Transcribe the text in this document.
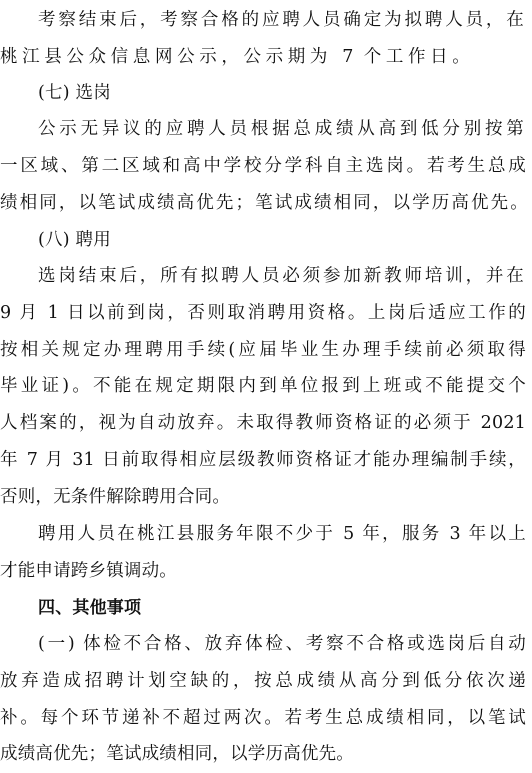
考察结束后，考察合格的应聘人员确定为拟聘人员，在
桃江县公众信息网公示，公示期为 7 个工作日。
(七) 选岗
公示无异议的应聘人员根据总成绩从高到低分别按第
一区域、第二区域和高中学校分学科自主选岗。若考生总成
绩相同，以笔试成绩高优先；笔试成绩相同，以学历高优先。
(八) 聘用
选岗结束后，所有拟聘人员必须参加新教师培训，并在
9 月 1 日以前到岗，否则取消聘用资格。上岗后适应工作的
按相关规定办理聘用手续(应届毕业生办理手续前必须取得
毕业证)。不能在规定期限内到单位报到上班或不能提交个
人档案的，视为自动放弃。未取得教师资格证的必须于 2021
年 7 月 31 日前取得相应层级教师资格证才能办理编制手续，
否则，无条件解除聘用合同。
聘用人员在桃江县服务年限不少于 5 年，服务 3 年以上
才能申请跨乡镇调动。
四、其他事项
(一) 体检不合格、放弃体检、考察不合格或选岗后自动
放弃造成招聘计划空缺的，按总成绩从高分到低分依次递
补。每个环节递补不超过两次。若考生总成绩相同，以笔试
成绩高优先；笔试成绩相同，以学历高优先。
